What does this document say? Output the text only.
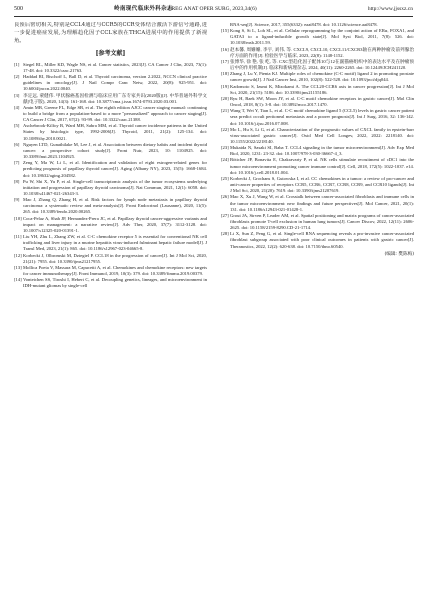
500	岭南现代临床外科杂志
J REG ANAT OPER SURG, 2023,34(6)	http://www.jjssxz.cn

良预后密切相关,特别是CCL4通过与CCR5的CCR受体结合激活下游信号通路,进一步促进癌症发展,为理解趋化因子CCL家族在THCA进展中的作用提供了新视角。

[参考文献]
[1] Siegel RL, Miller KD, Wagle NS, et al. Cancer statistics, 2023[J]. CA Cancer J Clin, 2023, 73(1): 17-48. doi: 10.3322/caac.21763.
[2] Haddad RI, Bischoff L, Ball D, et al. Thyroid carcinoma, version 2.2022, NCCN clinical practice guidelines in oncology[J]. J Natl Compr Canc Netw, 2022, 20(8): 925-951. doi: 10.6004/jnccn.2022.0040.
[3] 李定远, 蒙健伟. 甲状腺癌基因检测与临床应用广东专家共识(2020版)[J]. 中华普通外科学文献(电子版), 2020, 14(3): 161-168. doi: 10.3877/cma.j.issn.1674-0793.2020.03.001.
[4] Amin MB, Greene FL, Edge SB, et al. The eighth edition AJCC cancer staging manual: continuing to build a bridge from a population-based to a more "personalized" approach to cancer staging[J]. CA Cancer J Clin, 2017, 67(2): 93-99. doi: 10.3322/caac.21388.
[5] Aschebrook-Kilfoy B, Ward MH, Sabra MM, et al. Thyroid cancer incidence patterns in the United States by histologic type, 1992-2006[J]. Thyroid, 2011, 21(2): 125-134. doi: 10.1089/thy.2010.0021.
[6] Nguyen LTD, Gunathilake M, Lee J, et al. Association between dietary habits and incident thyroid cancer: a prospective cohort study[J]. Front Nutr, 2023, 10: 1104925. doi: 10.3389/fnut.2023.1104925.
[7] Zeng Y, Ma W, Li L, et al. Identification and validation of eight estrogen-related genes for predicting prognosis of papillary thyroid cancer[J]. Aging (Albany NY), 2023, 15(5): 1668-1684. doi: 10.18632/aging.204582.
[8] Pu W, Shi X, Yu P, et al. Single-cell transcriptomic analysis of the tumor ecosystems underlying initiation and progression of papillary thyroid carcinoma[J]. Nat Commun, 2021, 12(1): 6058. doi: 10.1038/s41467-021-26343-3.
[9] Mao J, Zhang Q, Zhang H, et al. Risk factors for lymph node metastasis in papillary thyroid carcinoma: a systematic review and meta-analysis[J]. Front Endocrinol (Lausanne), 2020, 11(5): 265. doi: 10.3389/fendo.2020.00265.
[10] Coca-Pelaz A, Shah JP, Hernandez-Prera JC, et al. Papillary thyroid cancer-aggressive variants and impact on management: a narrative review[J]. Adv Ther, 2020, 37(7): 3112-3128. doi: 10.1007/s12325-020-01391-1.
[11] Liu YH, Zhu L, Zhang ZW, et al. C-C chemokine receptor 5 is essential for conventional NK cell trafficking and liver injury in a murine hepatitis virus-induced fulminant hepatic failure model[J]. J Transl Med, 2023, 21(1): 865. doi: 10.1186/s12967-023-04665-8.
[12] Korbecki J, Olbromski M, Dziegiel P. CCL18 in the progression of cancer[J]. Int J Mol Sci, 2020, 21(21): 7955. doi: 10.3390/ijms21217955.
[13] Mollica Poeta V, Massara M, Capucetti A, et al. Chemokines and chemokine receptors: new targets for cancer immunotherapy[J]. Front Immunol, 2019, 10(3): 379. doi: 10.3389/fimmu.2019.00379.
[14] Vonteichen SS, Tiroshi I, Hebert C, et al. Decoupling genetics, lineages, and microenvironment in IDH-mutant gliomas by single-cell
RNA-seq[J]. Science, 2017, 355(6332): eaai8478. doi: 10.1126/science.aai8478.
[15] Kong S, Si L, Loh SL, et al. Cellular reprogramming by the conjoint action of ERα, FOXA1, and GATA3 to a ligand-inducible growth state[J]. Mol Syst Biol, 2011, 7(8): 526. doi: 10.1038/msb.2011.59.
[16] 赵本馨, 周姗姗, 李宇, 刘伟, 等. CXCL9, CXCL10, CXCL11/CXCR3轴在两种肿瘤及前列腺治疗方面的作用[J]. 检验医学与临床, 2023, 22(8): 1148-1152.
[17] 张博华, 徐 艳, 张 屹, 等. CXC型趋化因子配体10与12在副猫癌组织中的表达水平及在肿瘤预后中的作用机制[J]. 临床和新病理杂志, 2024, 40(11): 2260-2265. doi: 10.12449/JCH241120.
[18] Zhang J, Lu Y, Pienta KJ. Multiple roles of chemokine (C-C motif) ligand 2 in promoting prostate cancer growth[J]. J Natl Cancer Inst, 2010, 102(8): 522-528. doi: 10.1093/jnci/djq044.
[19] Kadomoto S, Izumi K, Mizokami A. The CCL20-CCR6 axis in cancer progression[J]. Int J Mol Sci, 2020, 21(15): 5186. doi: 10.3390/ijms21155186.
[20] Ryu H, Baek SW, Moon JY, et al. C-C motif chemokine receptors in gastric cancer[J]. Mol Clin Oncol, 2018, 8(1): 3-8. doi: 10.3892/mco.2017.1470.
[21] Wang T, Wei Y, Tian L, et al. C-C motif chemokine ligand 5 (CCL5) levels in gastric cancer patient sera predict occult peritoneal metastasis and a poorer prognosis[J]. Int J Surg, 2016, 32: 136-142. doi: 10.1016/j.ijsu.2016.07.008.
[22] Mo L, Hu S, Li G, et al. Characterization of the prognostic values of CXCL family in epstein-barr virus-associated gastric cancer[J]. Oxid Med Cell Longev, 2022, 2022: 2218140. doi: 10.1155/2022/2218140.
[23] Mukaida N, Sasaki SI, Baba T. CCL4 signaling in the tumor microenvironment[J]. Adv Exp Med Biol, 2020, 1231: 23-32. doi: 10.1007/978-3-030-36667-4_3.
[24] Böttcher JP, Bonavita E, Chakravarty P, et al. NK cells stimulate recruitment of cDC1 into the tumor microenvironment promoting cancer immune control[J]. Cell, 2018, 172(5): 1022-1037. e14. doi: 10.1016/j.cell.2018.01.004.
[25] Korbecki J, Grochans S, Gutowska I, et al. CC chemokines in a tumor: a review of pro-cancer and anti-cancer properties of receptors CCR5, CCR6, CCR7, CCR8, CCR9, and CCR10 ligands[J]. Int J Mol Sci, 2020, 21(20): 7619. doi: 10.3390/ijms21207619.
[26] Mao X, Xu J, Wang W, et al. Crosstalk between cancer-associated fibroblasts and immune cells in the tumor microenvironment: new findings and future perspectives[J]. Mol Cancer, 2021, 20(1): 131. doi: 10.1186/s12943-021-01428-1.
[27] Grout JA, Sirven P, Leader AM, et al. Spatial positioning and matrix programs of cancer-associated fibroblasts promote T-cell exclusion in human lung tumors[J]. Cancer Discov, 2022, 12(11): 2606-2625. doi: 10.1158/2159-8290.CD-21-1714.
[28] Li X, Sun Z, Peng G, et al. Single-cell RNA sequencing reveals a pro-invasive cancer-associated fibroblast subgroup associated with poor clinical outcomes in patients with gastric cancer[J]. Theranostics, 2022, 12(2): 620-638. doi: 10.7150/thno.60540.
(编辑: 樊陈梅)
